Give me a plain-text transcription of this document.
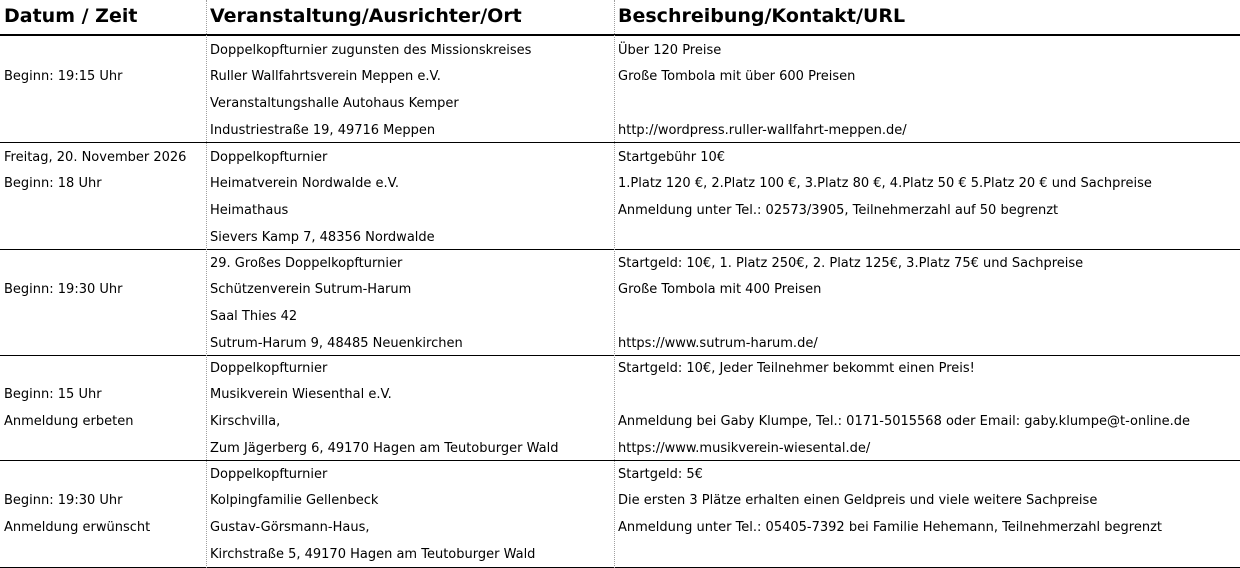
Datum / Zeit	Veranstaltung/Ausrichter/Ort	Beschreibung/Kontakt/URL
Beginn: 19:15 Uhr
Doppelkopfturnier zugunsten des Missionskreises
Ruller Wallfahrtsverein Meppen e.V.
Veranstaltungshalle Autohaus Kemper
Industriestraße 19, 49716 Meppen
Über 120 Preise
Große Tombola mit über 600 Preisen
http://wordpress.ruller-wallfahrt-meppen.de/
Freitag, 20. November 2026
Beginn: 18 Uhr
Doppelkopfturnier
Heimatverein Nordwalde e.V.
Heimathaus
Sievers Kamp 7, 48356 Nordwalde
Startgebühr 10€
1.Platz 120 €, 2.Platz 100 €, 3.Platz 80 €, 4.Platz 50 € 5.Platz 20 € und Sachpreise
Anmeldung unter Tel.: 02573/3905, Teilnehmerzahl auf 50 begrenzt
Beginn: 19:30 Uhr
29. Großes Doppelkopfturnier
Schützenverein Sutrum-Harum
Saal Thies 42
Sutrum-Harum 9, 48485 Neuenkirchen
Startgeld: 10€, 1. Platz 250€, 2. Platz 125€, 3.Platz 75€ und Sachpreise
Große Tombola mit 400 Preisen
https://www.sutrum-harum.de/
Beginn: 15 Uhr
Anmeldung erbeten
Doppelkopfturnier
Musikverein Wiesenthal e.V.
Kirschvilla,
Zum Jägerberg 6, 49170 Hagen am Teutoburger Wald
Startgeld: 10€, Jeder Teilnehmer bekommt einen Preis!
Anmeldung bei Gaby Klumpe, Tel.: 0171-5015568 oder Email: gaby.klumpe@t-online.de
https://www.musikverein-wiesental.de/
Beginn: 19:30 Uhr
Anmeldung erwünscht
Doppelkopfturnier
Kolpingfamilie Gellenbeck
Gustav-Görsmann-Haus,
Kirchstraße 5, 49170 Hagen am Teutoburger Wald
Startgeld: 5€
Die ersten 3 Plätze erhalten einen Geldpreis und viele weitere Sachpreise
Anmeldung unter Tel.: 05405-7392 bei Familie Hehemann, Teilnehmerzahl begrenzt
